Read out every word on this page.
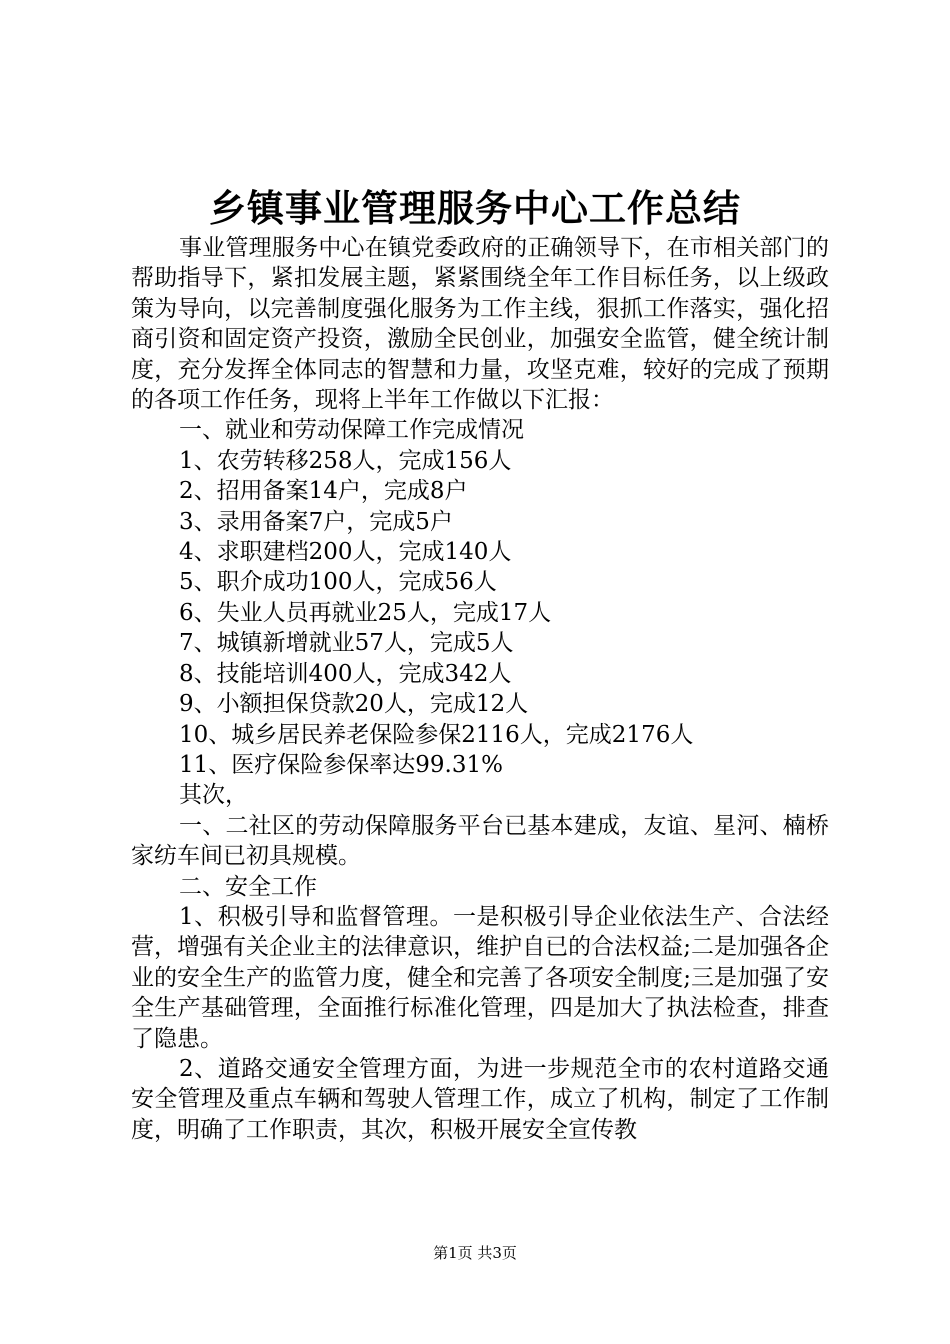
乡镇事业管理服务中心工作总结

事业管理服务中心在镇党委政府的正确领导下，在市相关部门的帮助指导下，紧扣发展主题，紧紧围绕全年工作目标任务，以上级政策为导向，以完善制度强化服务为工作主线，狠抓工作落实，强化招商引资和固定资产投资，激励全民创业，加强安全监管，健全统计制度，充分发挥全体同志的智慧和力量，攻坚克难，较好的完成了预期的各项工作任务，现将上半年工作做以下汇报：

一、就业和劳动保障工作完成情况

1、农劳转移258人，完成156人

2、招用备案14户，完成8户

3、录用备案7户，完成5户

4、求职建档200人，完成140人

5、职介成功100人，完成56人

6、失业人员再就业25人，完成17人

7、城镇新增就业57人，完成5人

8、技能培训400人，完成342人

9、小额担保贷款20人，完成12人

10、城乡居民养老保险参保2116人，完成2176人

11、医疗保险参保率达99.31%

其次，

一、二社区的劳动保障服务平台已基本建成，友谊、星河、楠桥家纺车间已初具规模。

二、安全工作

1、积极引导和监督管理。一是积极引导企业依法生产、合法经营，增强有关企业主的法律意识，维护自已的合法权益;二是加强各企业的安全生产的监管力度，健全和完善了各项安全制度;三是加强了安全生产基础管理，全面推行标准化管理，四是加大了执法检查，排查了隐患。

2、道路交通安全管理方面，为进一步规范全市的农村道路交通安全管理及重点车辆和驾驶人管理工作，成立了机构，制定了工作制度，明确了工作职责，其次，积极开展安全宣传教

第1页 共3页
